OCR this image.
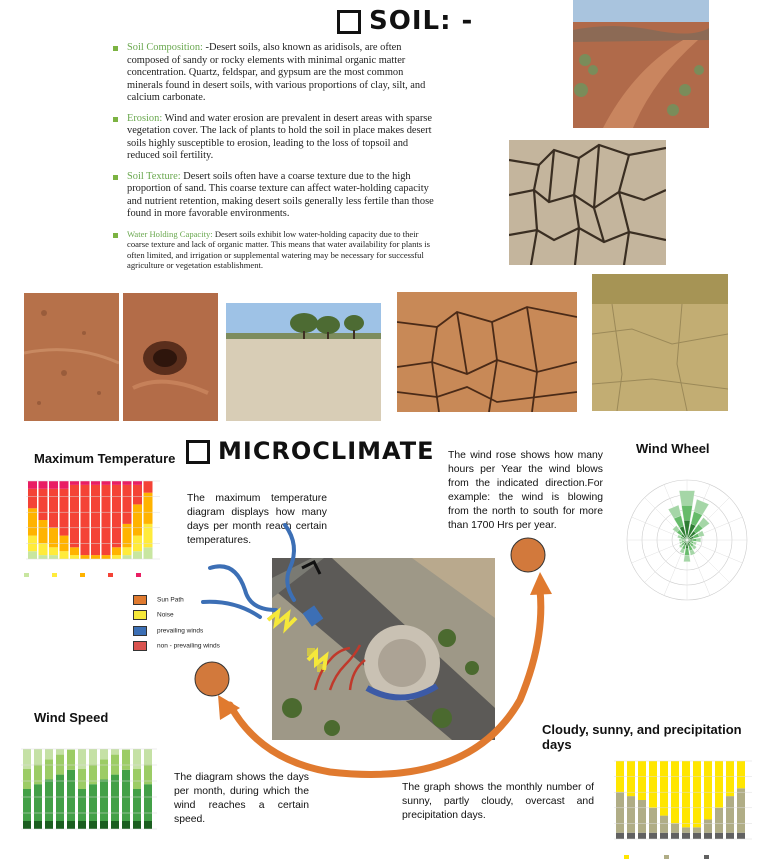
SOIL: -
Soil Composition: -Desert soils, also known as aridisols, are often composed of sandy or rocky elements with minimal organic matter concentration. Quartz, feldspar, and gypsum are the most common minerals found in desert soils, with various proportions of clay, silt, and calcium carbonate.
Erosion: Wind and water erosion are prevalent in desert areas with sparse vegetation cover. The lack of plants to hold the soil in place makes desert soils highly susceptible to erosion, leading to the loss of topsoil and reduced soil fertility.
Soil Texture: Desert soils often have a coarse texture due to the high proportion of sand. This coarse texture can affect water-holding capacity and nutrient retention, making desert soils generally less fertile than those found in more favorable environments.
Water Holding Capacity: Desert soils exhibit low water-holding capacity due to their coarse texture and lack of organic matter. This means that water availability for plants is often limited, and irrigation or supplemental watering may be necessary for successful agriculture or vegetation establishment.
MICROCLIMATE
Maximum Temperature
The maximum temperature diagram displays how many days per month reach certain temperatures.
The wind rose shows how many hours per Year the wind blows from the indicated direction.For example: the wind is blowing from the north to south for more than 1700 Hrs per year.
Wind Wheel
Sun Path
Noise
prevailing winds
non - prevailing winds
Wind Speed
The diagram shows the days per month, during which the wind reaches a certain speed.
Cloudy, sunny, and precipitation days
The graph shows the monthly number of sunny, partly cloudy, overcast and precipitation days.
